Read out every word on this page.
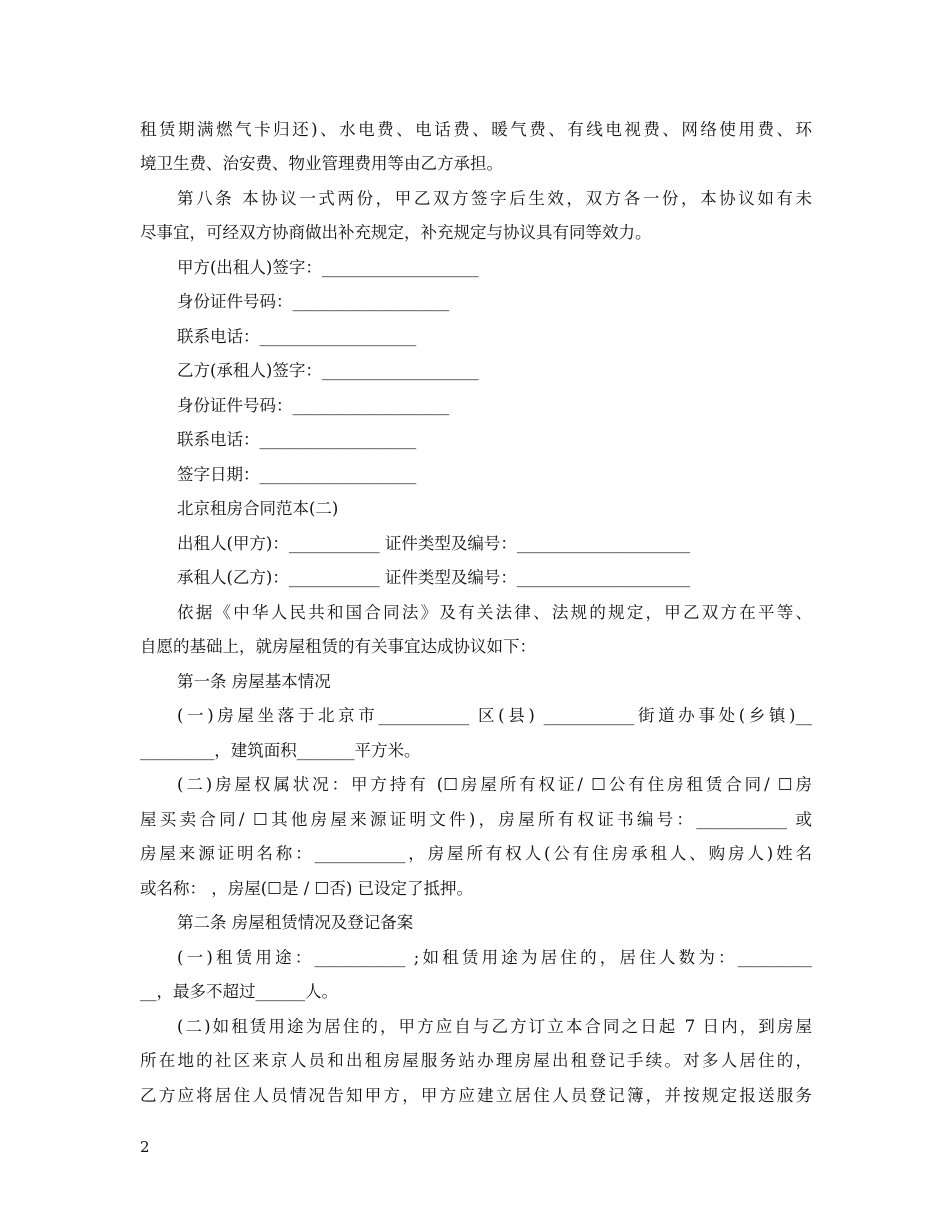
租赁期满燃气卡归还)、水电费、电话费、暖气费、有线电视费、网络使用费、环
境卫生费、治安费、物业管理费用等由乙方承担。
第八条 本协议一式两份，甲乙双方签字后生效，双方各一份，本协议如有未
尽事宜，可经双方协商做出补充规定，补充规定与协议具有同等效力。
甲方(出租人)签字：___________________
身份证件号码：___________________
联系电话：___________________
乙方(承租人)签字：___________________
身份证件号码：___________________
联系电话：___________________
签字日期：___________________
北京租房合同范本(二)
出租人(甲方)：___________ 证件类型及编号：_____________________
承租人(乙方)：___________ 证件类型及编号：_____________________
依据《中华人民共和国合同法》及有关法律、法规的规定，甲乙双方在平等、
自愿的基础上，就房屋租赁的有关事宜达成协议如下：
第一条 房屋基本情况
(一)房屋坐落于北京市___________ 区(县) ___________街道办事处(乡镇)__
_________，建筑面积_______平方米。
(二)房屋权属状况：甲方持有 (☐房屋所有权证/ ☐公有住房租赁合同/ ☐房
屋买卖合同/ ☐其他房屋来源证明文件)，房屋所有权证书编号：___________ 或
房屋来源证明名称：___________，房屋所有权人(公有住房承租人、购房人)姓名
或名称： ，房屋(☐是 / ☐否) 已设定了抵押。
第二条 房屋租赁情况及登记备案
(一)租赁用途：___________ ;如租赁用途为居住的，居住人数为：_________
__，最多不超过______人。
(二)如租赁用途为居住的，甲方应自与乙方订立本合同之日起 7 日内，到房屋
所在地的社区来京人员和出租房屋服务站办理房屋出租登记手续。对多人居住的，
乙方应将居住人员情况告知甲方，甲方应建立居住人员登记簿，并按规定报送服务
2
